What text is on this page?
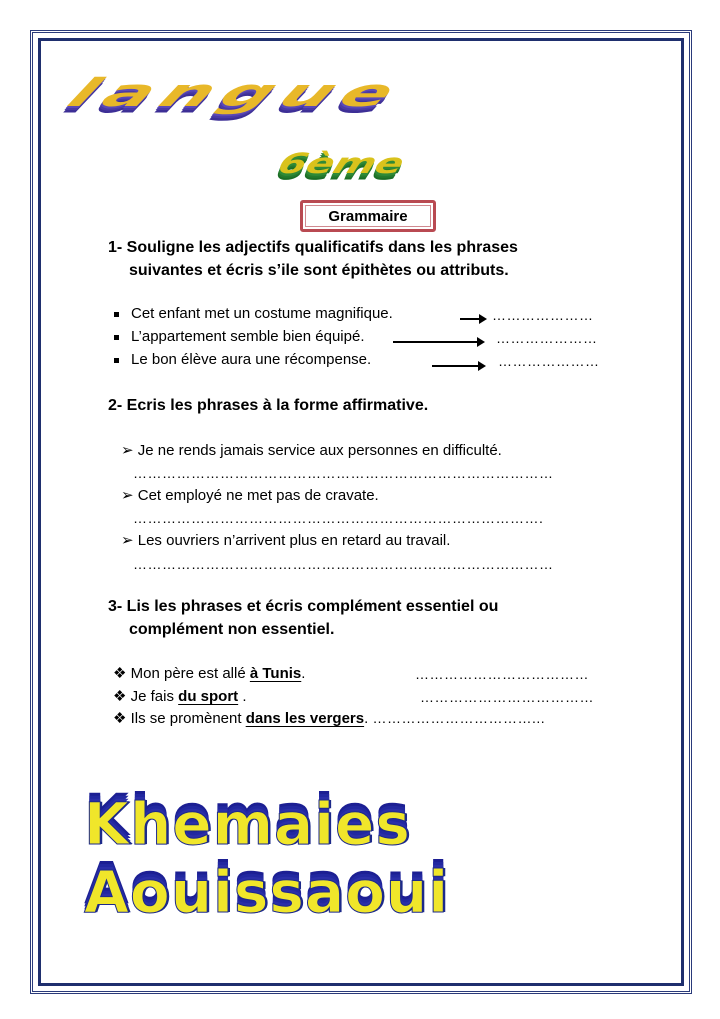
langue
6ème
Grammaire
1- Souligne les adjectifs qualificatifs dans les phrases
suivantes et écris s’ile sont épithètes ou attributs.
Cet enfant met un costume magnifique.	…………………
L’appartement semble bien équipé.	…………………
Le bon élève aura une récompense.	…………………
2- Ecris les phrases à la forme affirmative.
➢ Je ne rends jamais service aux personnes en difficulté.
……………………………………………………………………………
➢ Cet employé ne met pas de cravate.
………………………………………………………………………….
➢ Les ouvriers n’arrivent plus en retard au travail.
……………………………………………………………………………
3- Lis les phrases et écris complément essentiel ou
complément non essentiel.
❖ Mon père est allé à Tunis.	………………………………
❖ Je fais du sport .	………………………………
❖ Ils se promènent dans les vergers. ……………………………...
Khemaies Aouissaoui
